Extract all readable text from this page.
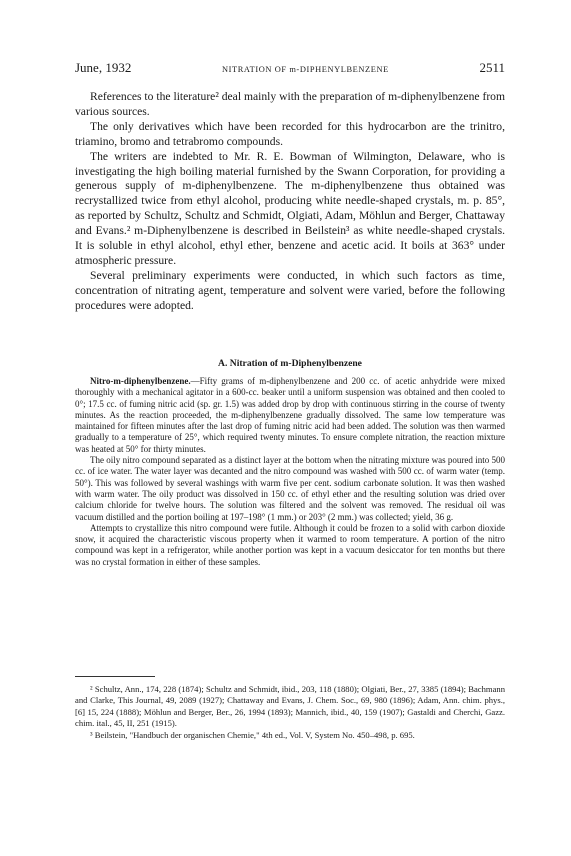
June, 1932	NITRATION OF m-DIPHENYLBENZENE	2511

References to the literature² deal mainly with the preparation of m-diphenylbenzene from various sources.

The only derivatives which have been recorded for this hydrocarbon are the trinitro, triamino, bromo and tetrabromo compounds.

The writers are indebted to Mr. R. E. Bowman of Wilmington, Delaware, who is investigating the high boiling material furnished by the Swann Corporation, for providing a generous supply of m-diphenylbenzene. The m-diphenylbenzene thus obtained was recrystallized twice from ethyl alcohol, producing white needle-shaped crystals, m. p. 85°, as reported by Schultz, Schultz and Schmidt, Olgiati, Adam, Möhlun and Berger, Chattaway and Evans.² m-Diphenylbenzene is described in Beilstein³ as white needle-shaped crystals. It is soluble in ethyl alcohol, ethyl ether, benzene and acetic acid. It boils at 363° under atmospheric pressure.

Several preliminary experiments were conducted, in which such factors as time, concentration of nitrating agent, temperature and solvent were varied, before the following procedures were adopted.

A. Nitration of m-Diphenylbenzene

Nitro-m-diphenylbenzene.—Fifty grams of m-diphenylbenzene and 200 cc. of acetic anhydride were mixed thoroughly with a mechanical agitator in a 600-cc. beaker until a uniform suspension was obtained and then cooled to 0°; 17.5 cc. of fuming nitric acid (sp. gr. 1.5) was added drop by drop with continuous stirring in the course of twenty minutes. As the reaction proceeded, the m-diphenylbenzene gradually dissolved. The same low temperature was maintained for fifteen minutes after the last drop of fuming nitric acid had been added. The solution was then warmed gradually to a temperature of 25°, which required twenty minutes. To ensure complete nitration, the reaction mixture was heated at 50° for thirty minutes.

The oily nitro compound separated as a distinct layer at the bottom when the nitrating mixture was poured into 500 cc. of ice water. The water layer was decanted and the nitro compound was washed with 500 cc. of warm water (temp. 50°). This was followed by several washings with warm five per cent. sodium carbonate solution. It was then washed with warm water. The oily product was dissolved in 150 cc. of ethyl ether and the resulting solution was dried over calcium chloride for twelve hours. The solution was filtered and the solvent was removed. The residual oil was vacuum distilled and the portion boiling at 197–198° (1 mm.) or 203° (2 mm.) was collected; yield, 36 g.

Attempts to crystallize this nitro compound were futile. Although it could be frozen to a solid with carbon dioxide snow, it acquired the characteristic viscous property when it warmed to room temperature. A portion of the nitro compound was kept in a refrigerator, while another portion was kept in a vacuum desiccator for ten months but there was no crystal formation in either of these samples.

² Schultz, Ann., 174, 228 (1874); Schultz and Schmidt, ibid., 203, 118 (1880); Olgiati, Ber., 27, 3385 (1894); Bachmann and Clarke, This Journal, 49, 2089 (1927); Chattaway and Evans, J. Chem. Soc., 69, 980 (1896); Adam, Ann. chim. phys., [6] 15, 224 (1888); Möhlun and Berger, Ber., 26, 1994 (1893); Mannich, ibid., 40, 159 (1907); Gastaldi and Cherchi, Gazz. chim. ital., 45, II, 251 (1915).

³ Beilstein, "Handbuch der organischen Chemie," 4th ed., Vol. V, System No. 450–498, p. 695.
